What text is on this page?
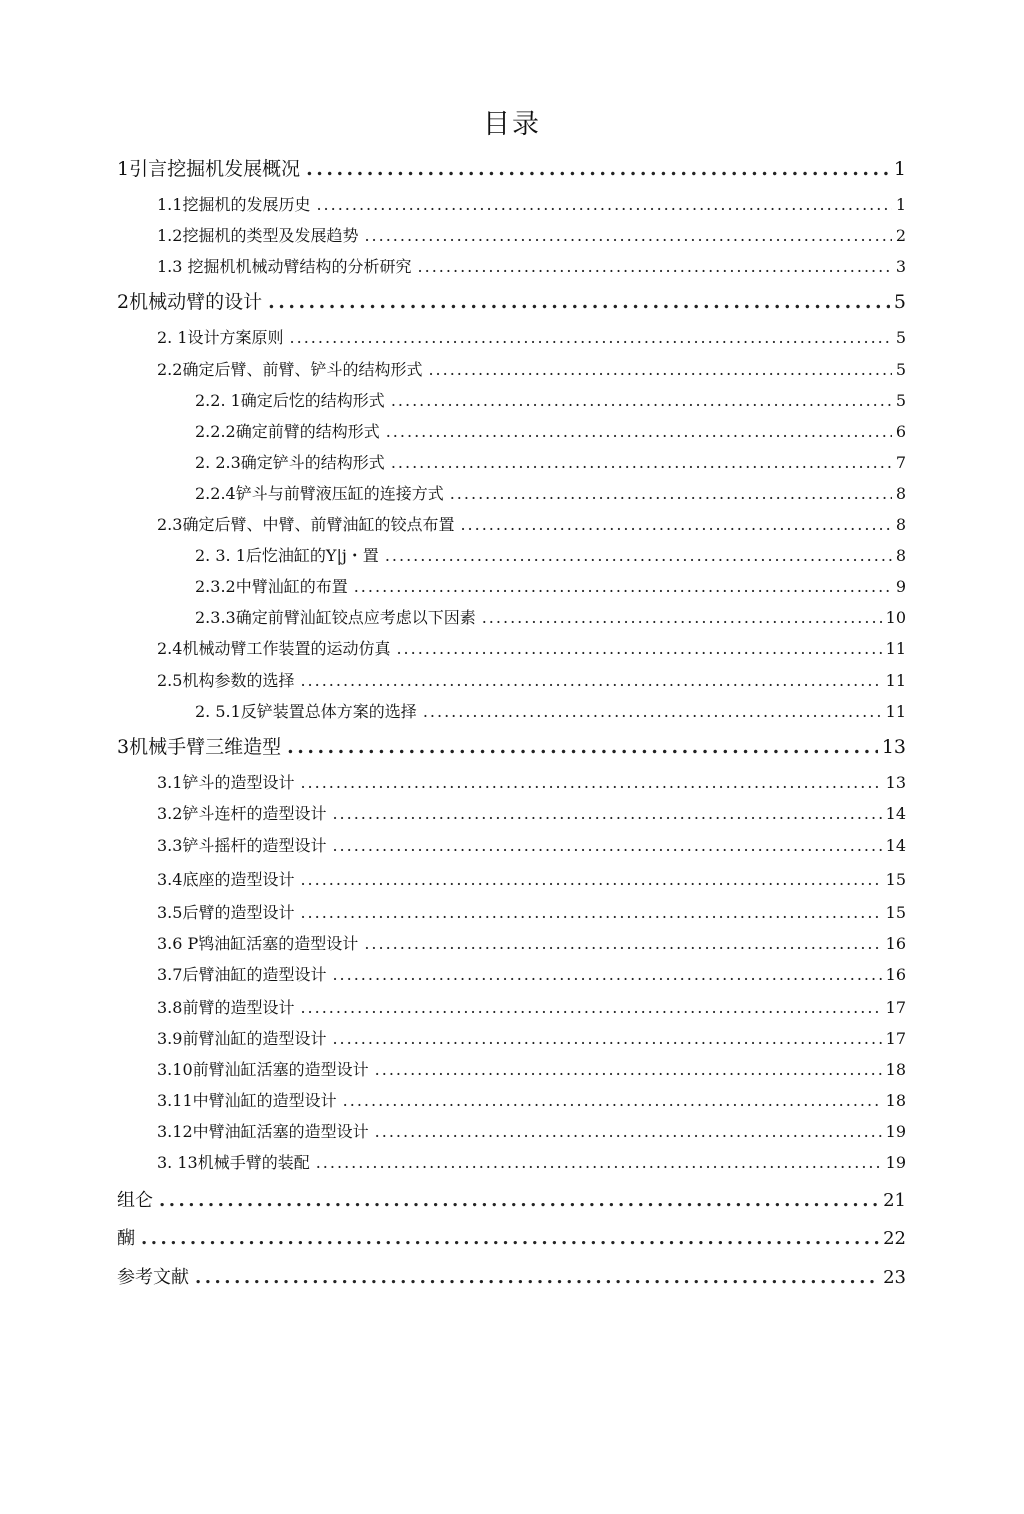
目录
1引言挖掘机发展概况 .....	1
1.1挖掘机的发展历史 .....	1
1.2挖掘机的类型及发展趋势 .....	2
1.3 挖掘机机械动臂结构的分析研究 .....	3
2机械动臂的设计 .....	5
2. 1设计方案原则 .....	5
2.2确定后臂、前臂、铲斗的结构形式 .....	5
2.2. 1确定后忔的结构形式 .....	5
2.2.2确定前臂的结构形式 .....	6
2. 2.3确定铲斗的结构形式 .....	7
2.2.4铲斗与前臂液压缸的连接方式 .....	8
2.3确定后臂、中臂、前臂油缸的铰点布置 .....	8
2. 3. 1后忔油缸的Y|j・置 .....	8
2.3.2中臂汕缸的布置 .....	9
2.3.3确定前臂汕缸铰点应考虑以下因素 .....	10
2.4机械动臂工作装置的运动仿真 .....	11
2.5机构参数的选择 .....	11
2. 5.1反铲装置总体方案的选择 .....	11
3机械手臂三维造型 .....	13
3.1铲斗的造型设计 .....	13
3.2铲斗连杆的造型设计 .....	14
3.3铲斗摇杆的造型设计 .....	14
3.4底座的造型设计 .....	15
3.5后臂的造型设计 .....	15
3.6 P鸨油缸活塞的造型设计 .....	16
3.7后臂油缸的造型设计 .....	16
3.8前臂的造型设计 .....	17
3.9前臂汕缸的造型设计 .....	17
3.10前臂汕缸活塞的造型设计 .....	18
3.11中臂汕缸的造型设计 .....	18
3.12中臂油缸活塞的造型设计 .....	19
3. 13机械手臂的装配 .....	19
组仑 .....	21
醐 .....	22
参考文献 .....	23
